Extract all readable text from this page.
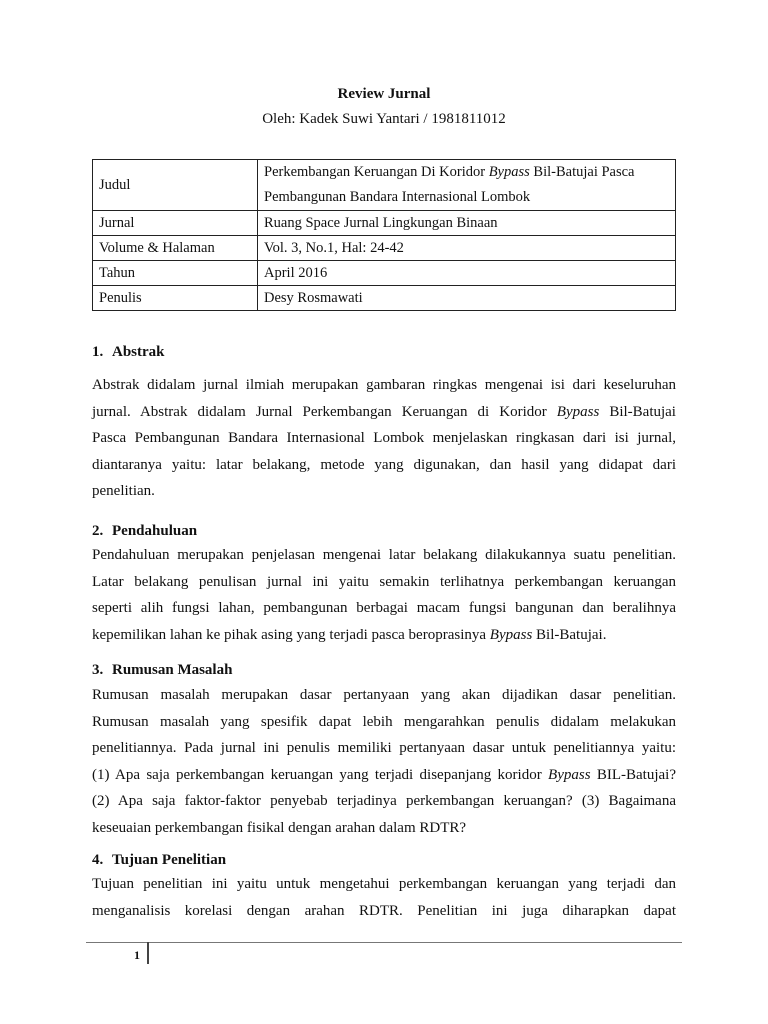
Review Jurnal
Oleh: Kadek Suwi Yantari / 1981811012
Judul	Perkembangan Keruangan Di Koridor Bypass Bil-Batujai Pasca
Pembangunan Bandara Internasional Lombok
Jurnal	Ruang Space Jurnal Lingkungan Binaan
Volume & Halaman	Vol. 3, No.1, Hal: 24-42
Tahun	April 2016
Penulis	Desy Rosmawati
1. Abstrak
Abstrak didalam jurnal ilmiah merupakan gambaran ringkas mengenai isi dari keseluruhan
jurnal. Abstrak didalam Jurnal Perkembangan Keruangan di Koridor Bypass Bil-Batujai
Pasca Pembangunan Bandara Internasional Lombok menjelaskan ringkasan dari isi jurnal,
diantaranya yaitu: latar belakang, metode yang digunakan, dan hasil yang didapat dari
penelitian.
2. Pendahuluan
Pendahuluan merupakan penjelasan mengenai latar belakang dilakukannya suatu penelitian.
Latar belakang penulisan jurnal ini yaitu semakin terlihatnya perkembangan keruangan
seperti alih fungsi lahan, pembangunan berbagai macam fungsi bangunan dan beralihnya
kepemilikan lahan ke pihak asing yang terjadi pasca beroprasinya Bypass Bil-Batujai.
3. Rumusan Masalah
Rumusan masalah merupakan dasar pertanyaan yang akan dijadikan dasar penelitian.
Rumusan masalah yang spesifik dapat lebih mengarahkan penulis didalam melakukan
penelitiannya. Pada jurnal ini penulis memiliki pertanyaan dasar untuk penelitiannya yaitu:
(1) Apa saja perkembangan keruangan yang terjadi disepanjang koridor Bypass BIL-Batujai?
(2) Apa saja faktor-faktor penyebab terjadinya perkembangan keruangan? (3) Bagaimana
keseuaian perkembangan fisikal dengan arahan dalam RDTR?
4. Tujuan Penelitian
Tujuan penelitian ini yaitu untuk mengetahui perkembangan keruangan yang terjadi dan
menganalisis korelasi dengan arahan RDTR. Penelitian ini juga diharapkan dapat
1
